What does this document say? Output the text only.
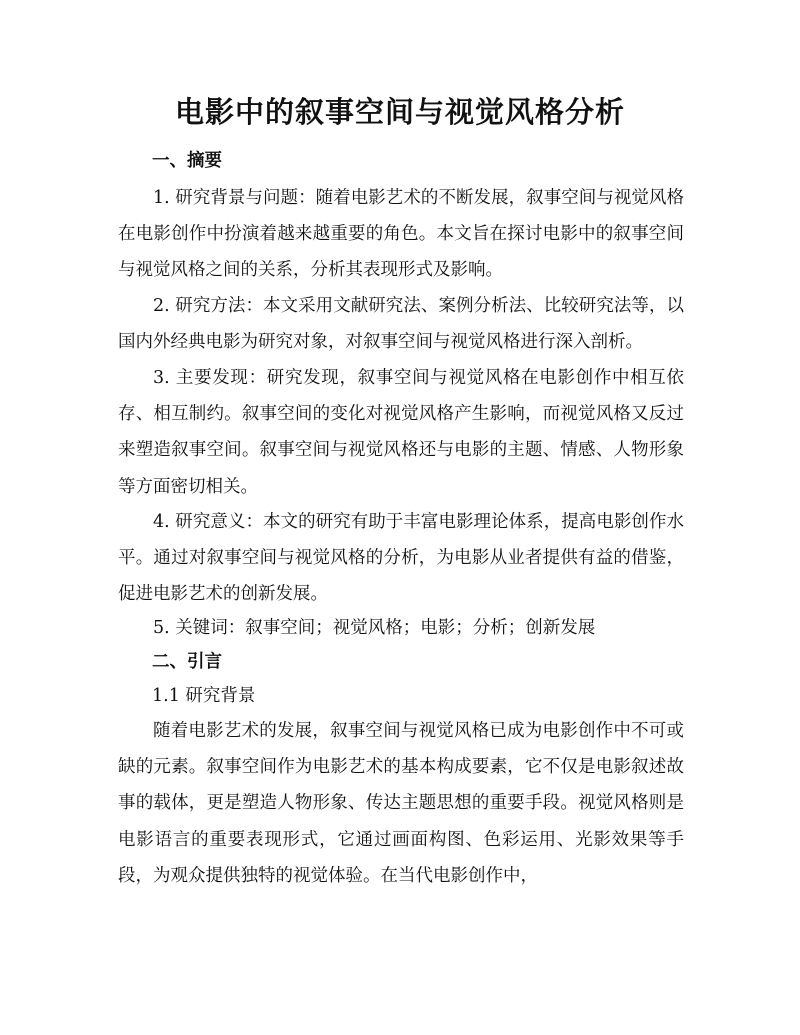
电影中的叙事空间与视觉风格分析
一、摘要
1. 研究背景与问题：随着电影艺术的不断发展，叙事空间与视觉风格在电影创作中扮演着越来越重要的角色。本文旨在探讨电影中的叙事空间与视觉风格之间的关系，分析其表现形式及影响。
2. 研究方法：本文采用文献研究法、案例分析法、比较研究法等，以国内外经典电影为研究对象，对叙事空间与视觉风格进行深入剖析。
3. 主要发现：研究发现，叙事空间与视觉风格在电影创作中相互依存、相互制约。叙事空间的变化对视觉风格产生影响，而视觉风格又反过来塑造叙事空间。叙事空间与视觉风格还与电影的主题、情感、人物形象等方面密切相关。
4. 研究意义：本文的研究有助于丰富电影理论体系，提高电影创作水平。通过对叙事空间与视觉风格的分析，为电影从业者提供有益的借鉴，促进电影艺术的创新发展。
5. 关键词：叙事空间；视觉风格；电影；分析；创新发展
二、引言
1.1 研究背景
随着电影艺术的发展，叙事空间与视觉风格已成为电影创作中不可或缺的元素。叙事空间作为电影艺术的基本构成要素，它不仅是电影叙述故事的载体，更是塑造人物形象、传达主题思想的重要手段。视觉风格则是电影语言的重要表现形式，它通过画面构图、色彩运用、光影效果等手段，为观众提供独特的视觉体验。在当代电影创作中，
